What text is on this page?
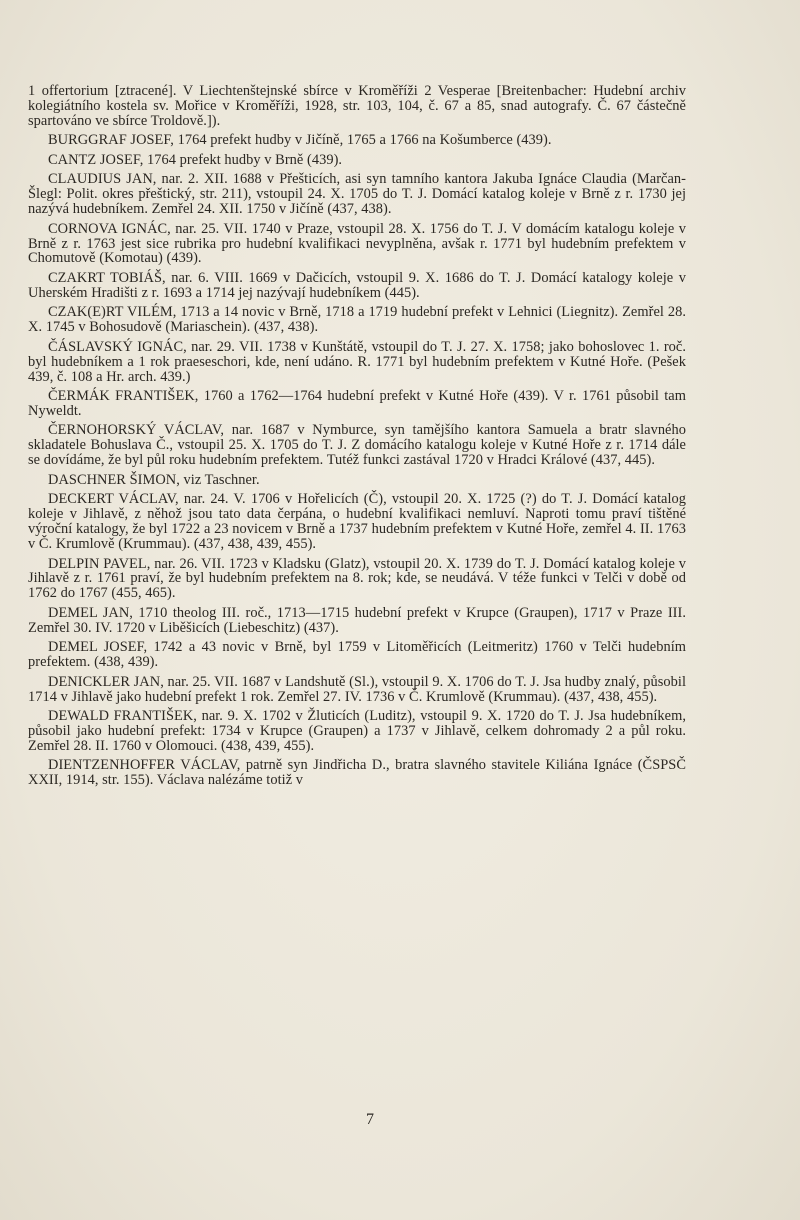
1 offertorium [ztracené]. V Liechtenštejnské sbírce v Kroměříži 2 Vesperae [Breitenbacher: Hudební archiv kolegiátního kostela sv. Mořice v Kroměříži, 1928, str. 103, 104, č. 67 a 85, snad autografy. Č. 67 částečně spartováno ve sbírce Troldově.]).

BURGGRAF JOSEF, 1764 prefekt hudby v Jičíně, 1765 a 1766 na Košumberce (439).

CANTZ JOSEF, 1764 prefekt hudby v Brně (439).

CLAUDIUS JAN, nar. 2. XII. 1688 v Přešticích, asi syn tamního kantora Jakuba Ignáce Claudia (Marčan-Šlegl: Polit. okres přeštický, str. 211), vstoupil 24. X. 1705 do T. J. Domácí katalog koleje v Brně z r. 1730 jej nazývá hudebníkem. Zemřel 24. XII. 1750 v Jičíně (437, 438).

CORNOVA IGNÁC, nar. 25. VII. 1740 v Praze, vstoupil 28. X. 1756 do T. J. V domácím katalogu koleje v Brně z r. 1763 jest sice rubrika pro hudební kvalifikaci nevyplněna, avšak r. 1771 byl hudebním prefektem v Chomutově (Komotau) (439).

CZAKRT TOBIÁŠ, nar. 6. VIII. 1669 v Dačicích, vstoupil 9. X. 1686 do T. J. Domácí katalogy koleje v Uherském Hradišti z r. 1693 a 1714 jej nazývají hudebníkem (445).

CZAK(E)RT VILÉM, 1713 a 14 novic v Brně, 1718 a 1719 hudební prefekt v Lehnici (Liegnitz). Zemřel 28. X. 1745 v Bohosudově (Mariaschein). (437, 438).

ČÁSLAVSKÝ IGNÁC, nar. 29. VII. 1738 v Kunštátě, vstoupil do T. J. 27. X. 1758; jako bohoslovec 1. roč. byl hudebníkem a 1 rok praeseschori, kde, není udáno. R. 1771 byl hudebním prefektem v Kutné Hoře. (Pešek 439, č. 108 a Hr. arch. 439.)

ČERMÁK FRANTIŠEK, 1760 a 1762—1764 hudební prefekt v Kutné Hoře (439). V r. 1761 působil tam Nyweldt.

ČERNOHORSKÝ VÁCLAV, nar. 1687 v Nymburce, syn tamějšího kantora Samuela a bratr slavného skladatele Bohuslava Č., vstoupil 25. X. 1705 do T. J. Z domácího katalogu koleje v Kutné Hoře z r. 1714 dále se dovídáme, že byl půl roku hudebním prefektem. Tutéž funkci zastával 1720 v Hradci Králové (437, 445).

DASCHNER ŠIMON, viz Taschner.

DECKERT VÁCLAV, nar. 24. V. 1706 v Hořelicích (Č), vstoupil 20. X. 1725 (?) do T. J. Domácí katalog koleje v Jihlavě, z něhož jsou tato data čerpána, o hudební kvalifikaci nemluví. Naproti tomu praví tištěné výroční katalogy, že byl 1722 a 23 novicem v Brně a 1737 hudebním prefektem v Kutné Hoře, zemřel 4. II. 1763 v Č. Krumlově (Krummau). (437, 438, 439, 455).

DELPIN PAVEL, nar. 26. VII. 1723 v Kladsku (Glatz), vstoupil 20. X. 1739 do T. J. Domácí katalog koleje v Jihlavě z r. 1761 praví, že byl hudebním prefektem na 8. rok; kde, se neudává. V téže funkci v Telči v době od 1762 do 1767 (455, 465).

DEMEL JAN, 1710 theolog III. roč., 1713—1715 hudební prefekt v Krupce (Graupen), 1717 v Praze III. Zemřel 30. IV. 1720 v Liběšicích (Liebeschitz) (437).

DEMEL JOSEF, 1742 a 43 novic v Brně, byl 1759 v Litoměřicích (Leitmeritz) 1760 v Telči hudebním prefektem. (438, 439).

DENICKLER JAN, nar. 25. VII. 1687 v Landshutě (Sl.), vstoupil 9. X. 1706 do T. J. Jsa hudby znalý, působil 1714 v Jihlavě jako hudební prefekt 1 rok. Zemřel 27. IV. 1736 v Č. Krumlově (Krummau). (437, 438, 455).

DEWALD FRANTIŠEK, nar. 9. X. 1702 v Žluticích (Luditz), vstoupil 9. X. 1720 do T. J. Jsa hudebníkem, působil jako hudební prefekt: 1734 v Krupce (Graupen) a 1737 v Jihlavě, celkem dohromady 2 a půl roku. Zemřel 28. II. 1760 v Olomouci. (438, 439, 455).

DIENTZENHOFFER VÁCLAV, patrně syn Jindřicha D., bratra slavného stavitele Kiliána Ignáce (ČSPSČ XXII, 1914, str. 155). Václava nalézáme totiž v

7
